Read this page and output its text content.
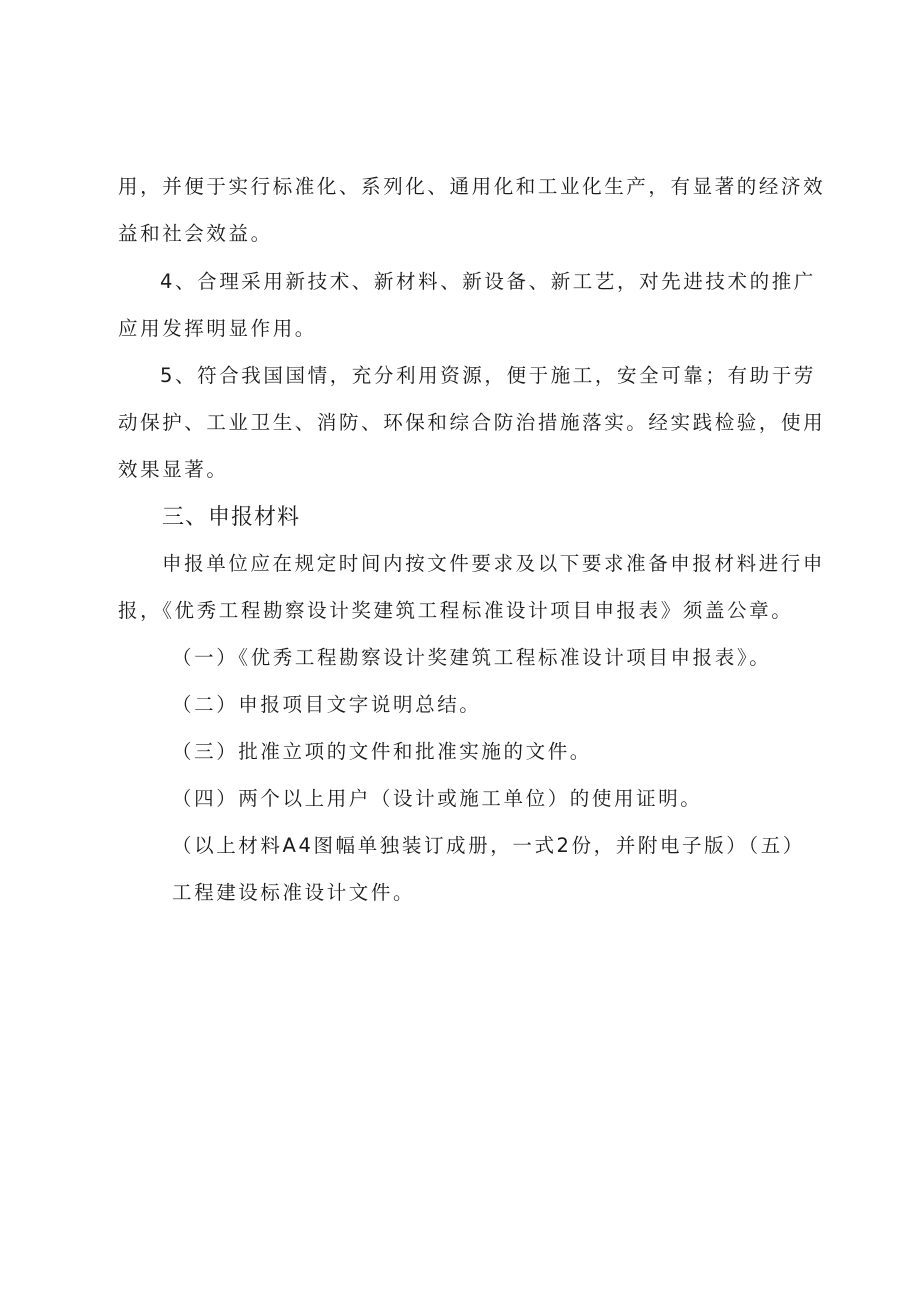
用，并便于实行标准化、系列化、通用化和工业化生产，有显著的经济效
益和社会效益。
4、合理采用新技术、新材料、新设备、新工艺，对先进技术的推广
应用发挥明显作用。
5、符合我国国情，充分利用资源，便于施工，安全可靠；有助于劳
动保护、工业卫生、消防、环保和综合防治措施落实。经实践检验，使用
效果显著。
三、申报材料
申报单位应在规定时间内按文件要求及以下要求准备申报材料进行申
报，《优秀工程勘察设计奖建筑工程标准设计项目申报表》须盖公章。
（一）《优秀工程勘察设计奖建筑工程标准设计项目申报表》。
（二）申报项目文字说明总结。
（三）批准立项的文件和批准实施的文件。
（四）两个以上用户（设计或施工单位）的使用证明。
（以上材料A4图幅单独装订成册，一式2份，并附电子版）（五）
工程建设标准设计文件。
